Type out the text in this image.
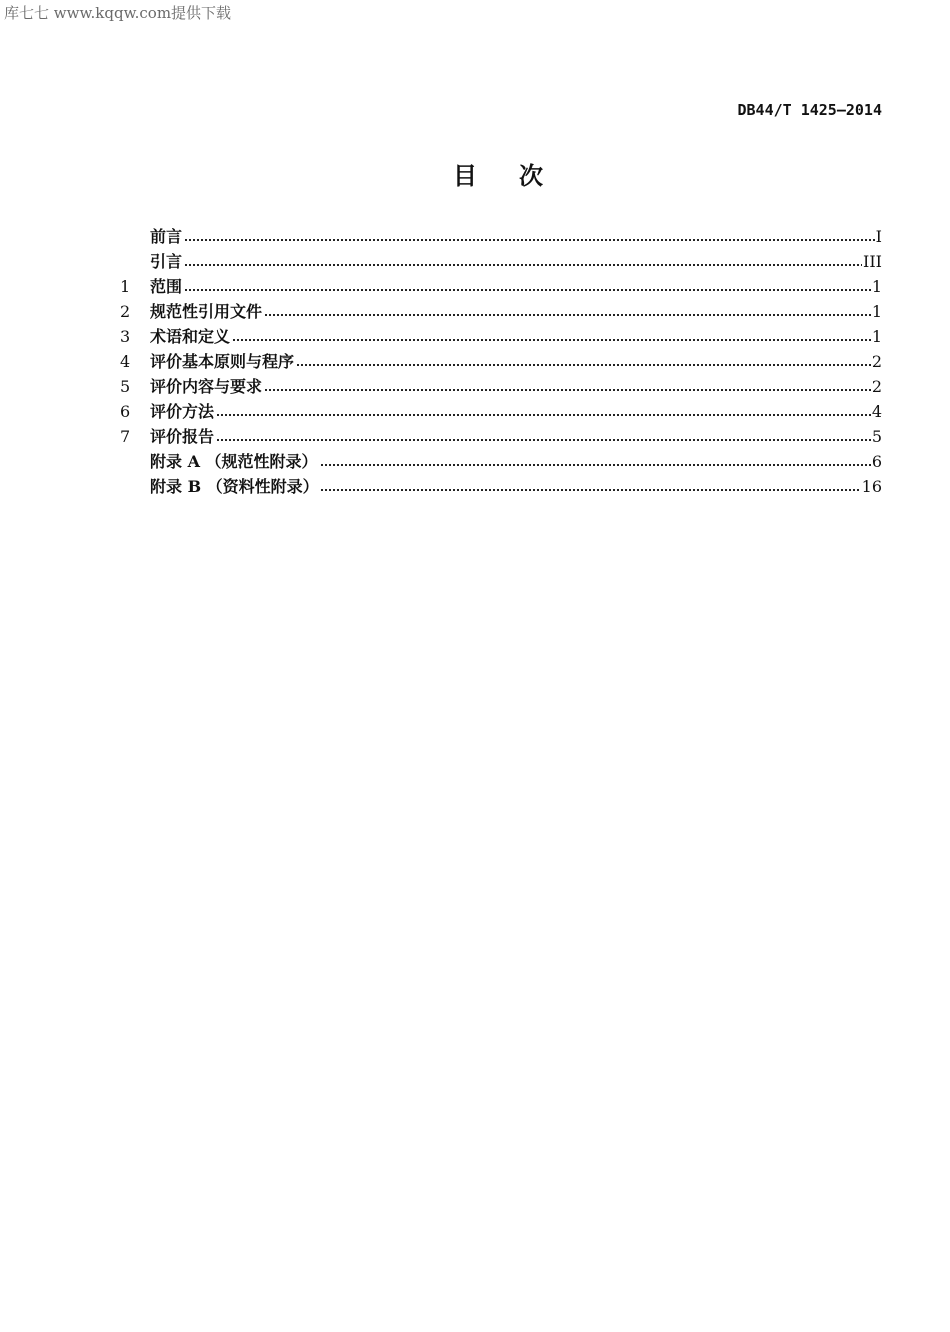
库七七 www.kqqw.com提供下载
DB44/T 1425—2014
目 次
前言	I
引言	III
1	范围	1
2	规范性引用文件	1
3	术语和定义	1
4	评价基本原则与程序	2
5	评价内容与要求	2
6	评价方法	4
7	评价报告	5
附录 A （规范性附录）	6
附录 B （资料性附录）	16
